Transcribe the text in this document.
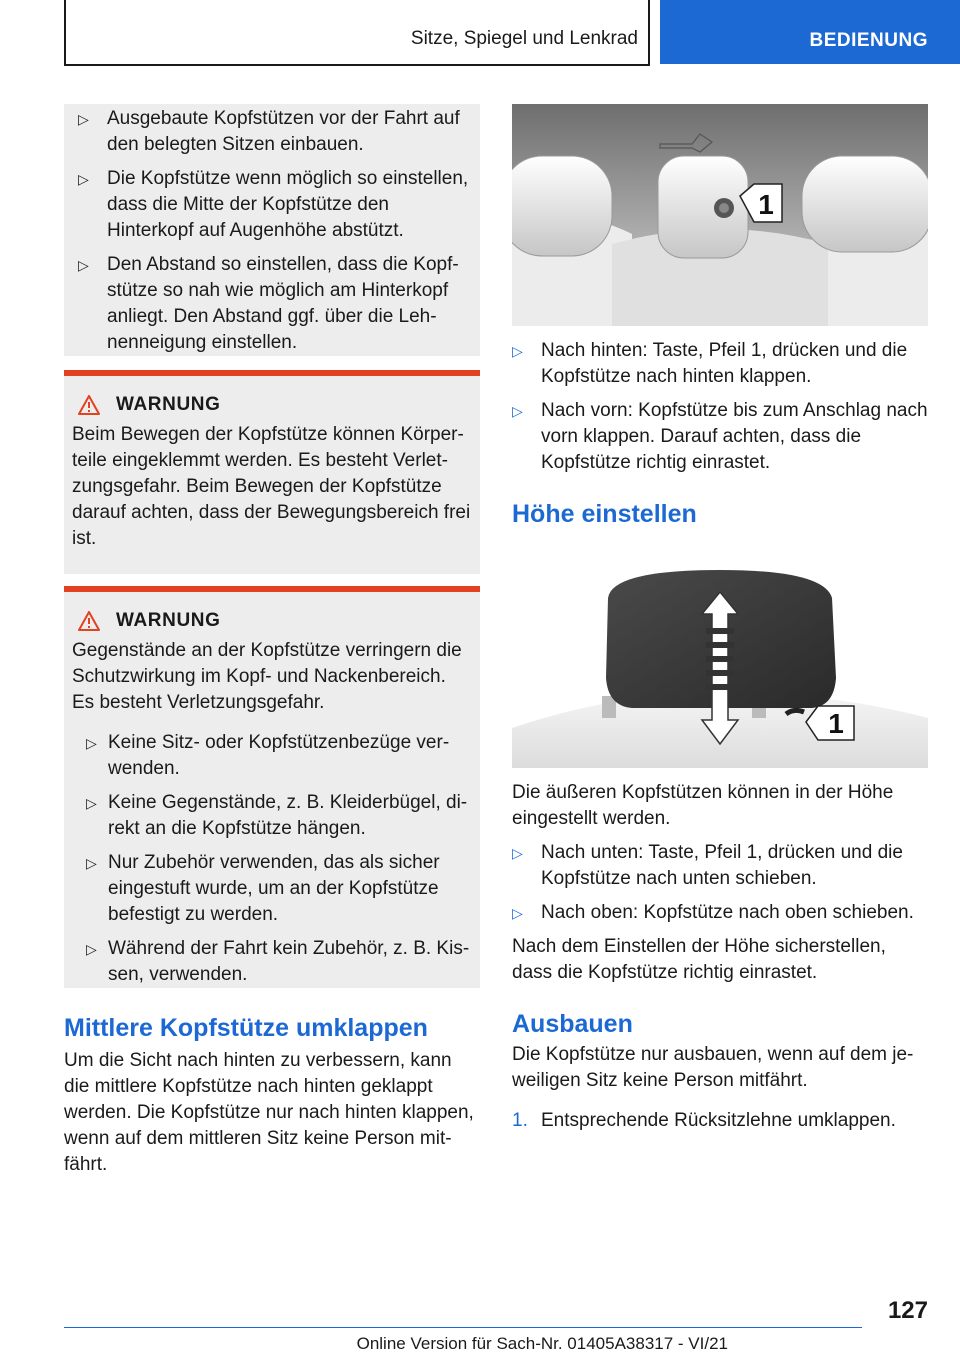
Sitze, Spiegel und Lenkrad	BEDIENUNG
▷ Ausgebaute Kopfstützen vor der Fahrt auf den belegten Sitzen einbauen.
▷ Die Kopfstütze wenn möglich so einstellen, dass die Mitte der Kopfstütze den Hinterkopf auf Augenhöhe abstützt.
▷ Den Abstand so einstellen, dass die Kopfstütze so nah wie möglich am Hinterkopf anliegt. Den Abstand ggf. über die Lehnenneigung einstellen.
WARNUNG

Beim Bewegen der Kopfstütze können Körperteile eingeklemmt werden. Es besteht Verletzungsgefahr. Beim Bewegen der Kopfstütze darauf achten, dass der Bewegungsbereich frei ist.

WARNUNG

Gegenstände an der Kopfstütze verringern die Schutzwirkung im Kopf- und Nackenbereich. Es besteht Verletzungsgefahr.

▷ Keine Sitz- oder Kopfstützenbezüge verwenden.
▷ Keine Gegenstände, z. B. Kleiderbügel, direkt an die Kopfstütze hängen.
▷ Nur Zubehör verwenden, das als sicher eingestuft wurde, um an der Kopfstütze befestigt zu werden.
▷ Während der Fahrt kein Zubehör, z. B. Kissen, verwenden.
Mittlere Kopfstütze umklappen

Um die Sicht nach hinten zu verbessern, kann die mittlere Kopfstütze nach hinten geklappt werden. Die Kopfstütze nur nach hinten klappen, wenn auf dem mittleren Sitz keine Person mitfährt.

1
▷ Nach hinten: Taste, Pfeil 1, drücken und die Kopfstütze nach hinten klappen.
▷ Nach vorn: Kopfstütze bis zum Anschlag nach vorn klappen. Darauf achten, dass die Kopfstütze richtig einrastet.
Höhe einstellen
1

Die äußeren Kopfstützen können in der Höhe eingestellt werden.

▷ Nach unten: Taste, Pfeil 1, drücken und die Kopfstütze nach unten schieben.
▷ Nach oben: Kopfstütze nach oben schieben.

Nach dem Einstellen der Höhe sicherstellen, dass die Kopfstütze richtig einrastet.

Ausbauen

Die Kopfstütze nur ausbauen, wenn auf dem jeweiligen Sitz keine Person mitfährt.

1. Entsprechende Rücksitzlehne umklappen.
127
Online Version für Sach-Nr. 01405A38317 - VI/21
